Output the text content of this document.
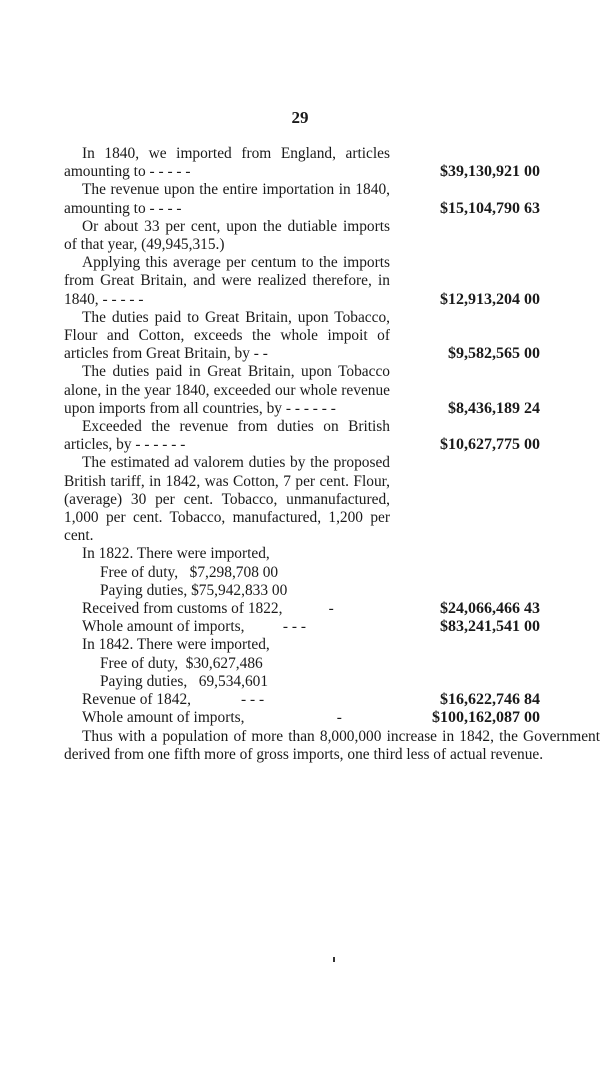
29
In 1840, we imported from England, articles amounting to - - - - -	$39,130,921 00
The revenue upon the entire importation in 1840, amounting to - - - -	$15,104,790 63
Or about 33 per cent, upon the dutiable imports of that year, (49,945,315.)
Applying this average per centum to the imports from Great Britain, and were realized therefore, in 1840, - - - - -	$12,913,204 00
The duties paid to Great Britain, upon Tobacco, Flour and Cotton, exceeds the whole impoit of articles from Great Britain, by - -	$9,582,565 00
The duties paid in Great Britain, upon Tobacco alone, in the year 1840, exceeded our whole revenue upon imports from all countries, by - - - - - -	$8,436,189 24
Exceeded the revenue from duties on British articles, by - - - - - -	$10,627,775 00
The estimated ad valorem duties by the proposed British tariff, in 1842, was Cotton, 7 per cent. Flour, (average) 30 per cent. Tobacco, unmanufactured, 1,000 per cent. Tobacco, manufactured, 1,200 per cent.
In 1822. There were imported,
Free of duty, $7,298,708 00
Paying duties, $75,942,833 00
Received from customs of 1822,	-	$24,066,466 43
Whole amount of imports, - - -	$83,241,541 00
In 1842. There were imported,
Free of duty, $30,627,486
Paying duties, 69,534,601
Revenue of 1842,	- - -	$16,622,746 84
Whole amount of imports,	-	$100,162,087 00
Thus with a population of more than 8,000,000 increase in 1842, the Government derived from one fifth more of gross imports, one third less of actual revenue.
